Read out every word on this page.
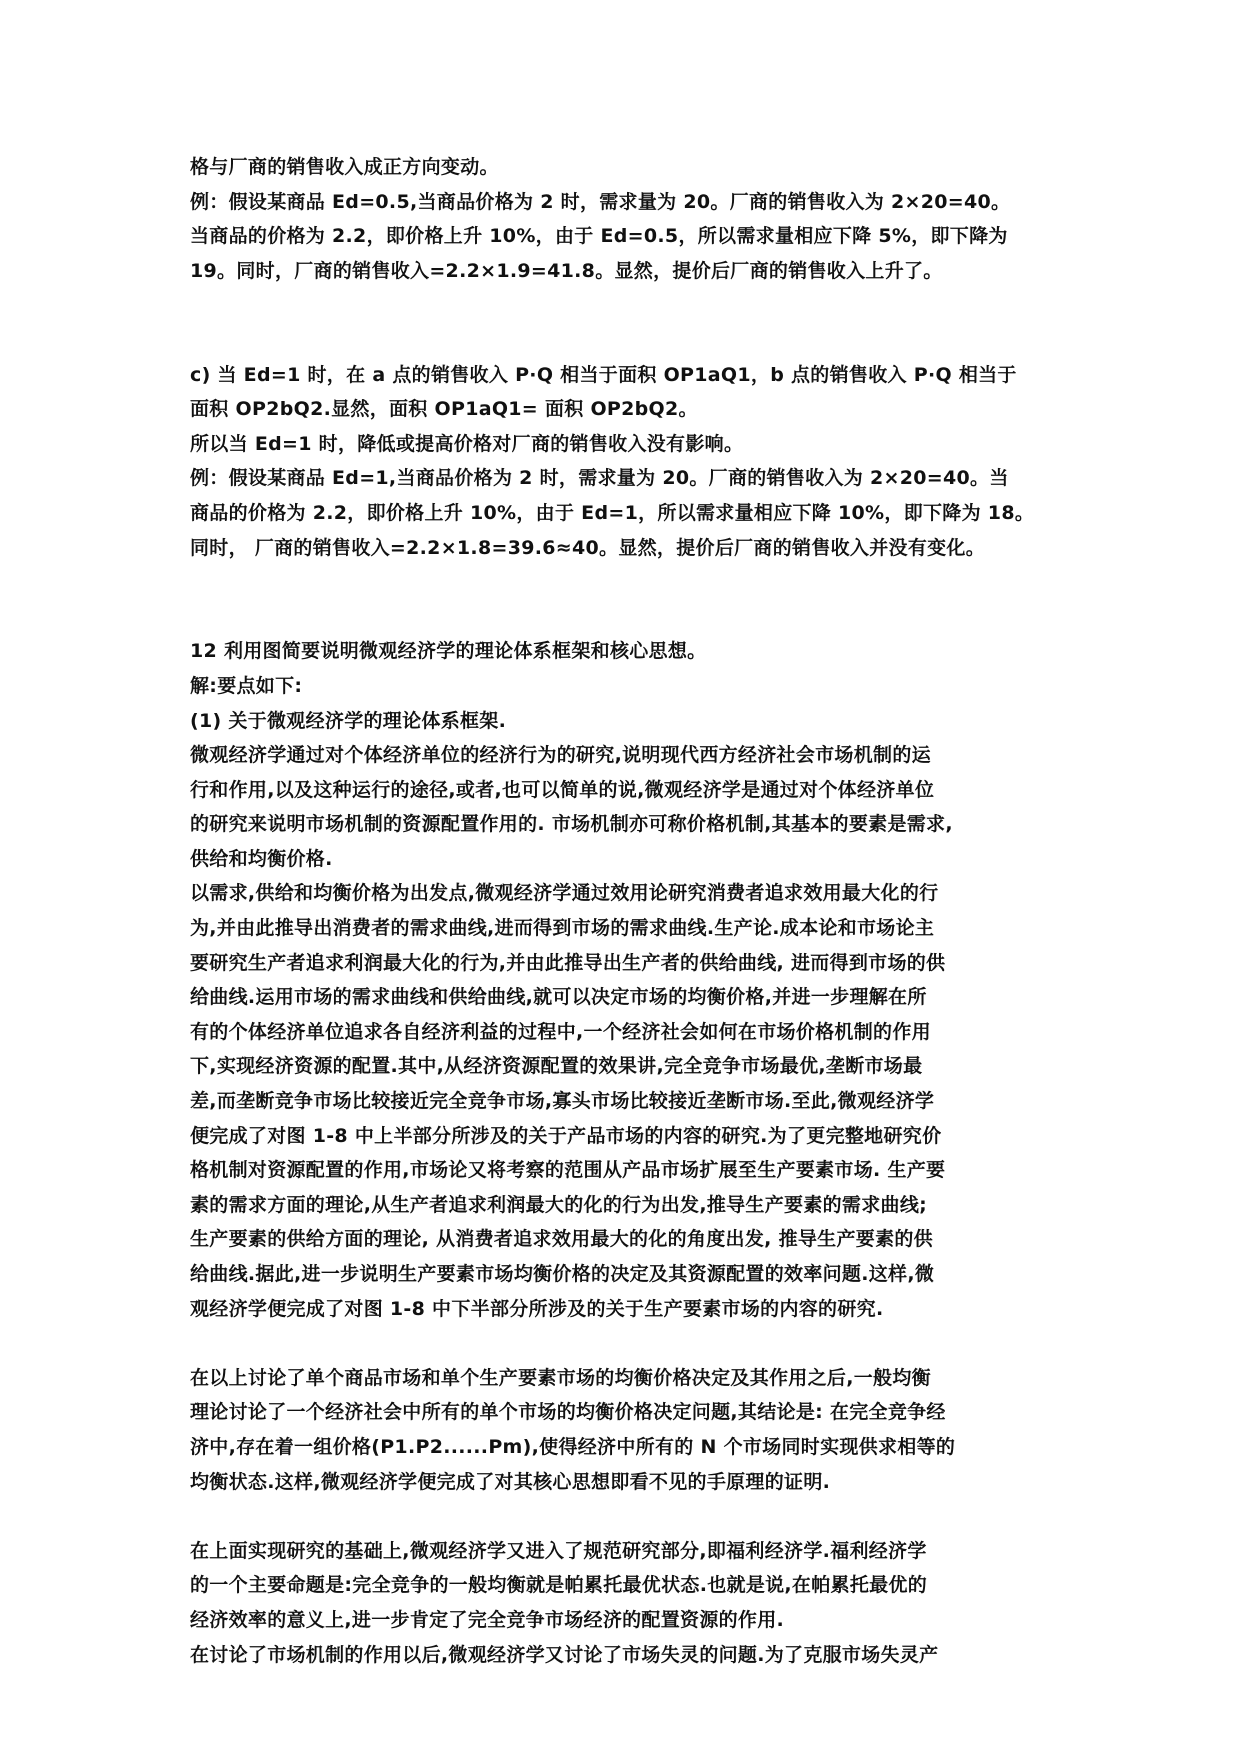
格与厂商的销售收入成正方向变动。
例：假设某商品 Ed=0.5,当商品价格为 2 时，需求量为 20。厂商的销售收入为 2×20=40。
当商品的价格为 2.2，即价格上升 10%，由于 Ed=0.5，所以需求量相应下降 5%，即下降为
19。同时，厂商的销售收入=2.2×1.9=41.8。显然，提价后厂商的销售收入上升了。
c) 当 Ed=1 时，在 a 点的销售收入 P·Q 相当于面积 OP1aQ1，b 点的销售收入 P·Q 相当于
面积 OP2bQ2.显然，面积 OP1aQ1= 面积 OP2bQ2。
所以当 Ed=1 时，降低或提高价格对厂商的销售收入没有影响。
例：假设某商品 Ed=1,当商品价格为 2 时，需求量为 20。厂商的销售收入为 2×20=40。当
商品的价格为 2.2，即价格上升 10%，由于 Ed=1，所以需求量相应下降 10%，即下降为 18。
同时， 厂商的销售收入=2.2×1.8=39.6≈40。显然，提价后厂商的销售收入并没有变化。
12 利用图简要说明微观经济学的理论体系框架和核心思想。
解:要点如下:
(1) 关于微观经济学的理论体系框架.
微观经济学通过对个体经济单位的经济行为的研究,说明现代西方经济社会市场机制的运
行和作用,以及这种运行的途径,或者,也可以简单的说,微观经济学是通过对个体经济单位
的研究来说明市场机制的资源配置作用的. 市场机制亦可称价格机制,其基本的要素是需求,
供给和均衡价格.
以需求,供给和均衡价格为出发点,微观经济学通过效用论研究消费者追求效用最大化的行
为,并由此推导出消费者的需求曲线,进而得到市场的需求曲线.生产论.成本论和市场论主
要研究生产者追求利润最大化的行为,并由此推导出生产者的供给曲线, 进而得到市场的供
给曲线.运用市场的需求曲线和供给曲线,就可以决定市场的均衡价格,并进一步理解在所
有的个体经济单位追求各自经济利益的过程中,一个经济社会如何在市场价格机制的作用
下,实现经济资源的配置.其中,从经济资源配置的效果讲,完全竞争市场最优,垄断市场最
差,而垄断竞争市场比较接近完全竞争市场,寡头市场比较接近垄断市场.至此,微观经济学
便完成了对图 1-8 中上半部分所涉及的关于产品市场的内容的研究.为了更完整地研究价
格机制对资源配置的作用,市场论又将考察的范围从产品市场扩展至生产要素市场. 生产要
素的需求方面的理论,从生产者追求利润最大的化的行为出发,推导生产要素的需求曲线;
生产要素的供给方面的理论, 从消费者追求效用最大的化的角度出发, 推导生产要素的供
给曲线.据此,进一步说明生产要素市场均衡价格的决定及其资源配置的效率问题.这样,微
观经济学便完成了对图 1-8 中下半部分所涉及的关于生产要素市场的内容的研究.
在以上讨论了单个商品市场和单个生产要素市场的均衡价格决定及其作用之后,一般均衡
理论讨论了一个经济社会中所有的单个市场的均衡价格决定问题,其结论是: 在完全竞争经
济中,存在着一组价格(P1.P2......Pm),使得经济中所有的 N 个市场同时实现供求相等的
均衡状态.这样,微观经济学便完成了对其核心思想即看不见的手原理的证明.
在上面实现研究的基础上,微观经济学又进入了规范研究部分,即福利经济学.福利经济学
的一个主要命题是:完全竞争的一般均衡就是帕累托最优状态.也就是说,在帕累托最优的
经济效率的意义上,进一步肯定了完全竞争市场经济的配置资源的作用.
在讨论了市场机制的作用以后,微观经济学又讨论了市场失灵的问题.为了克服市场失灵产
